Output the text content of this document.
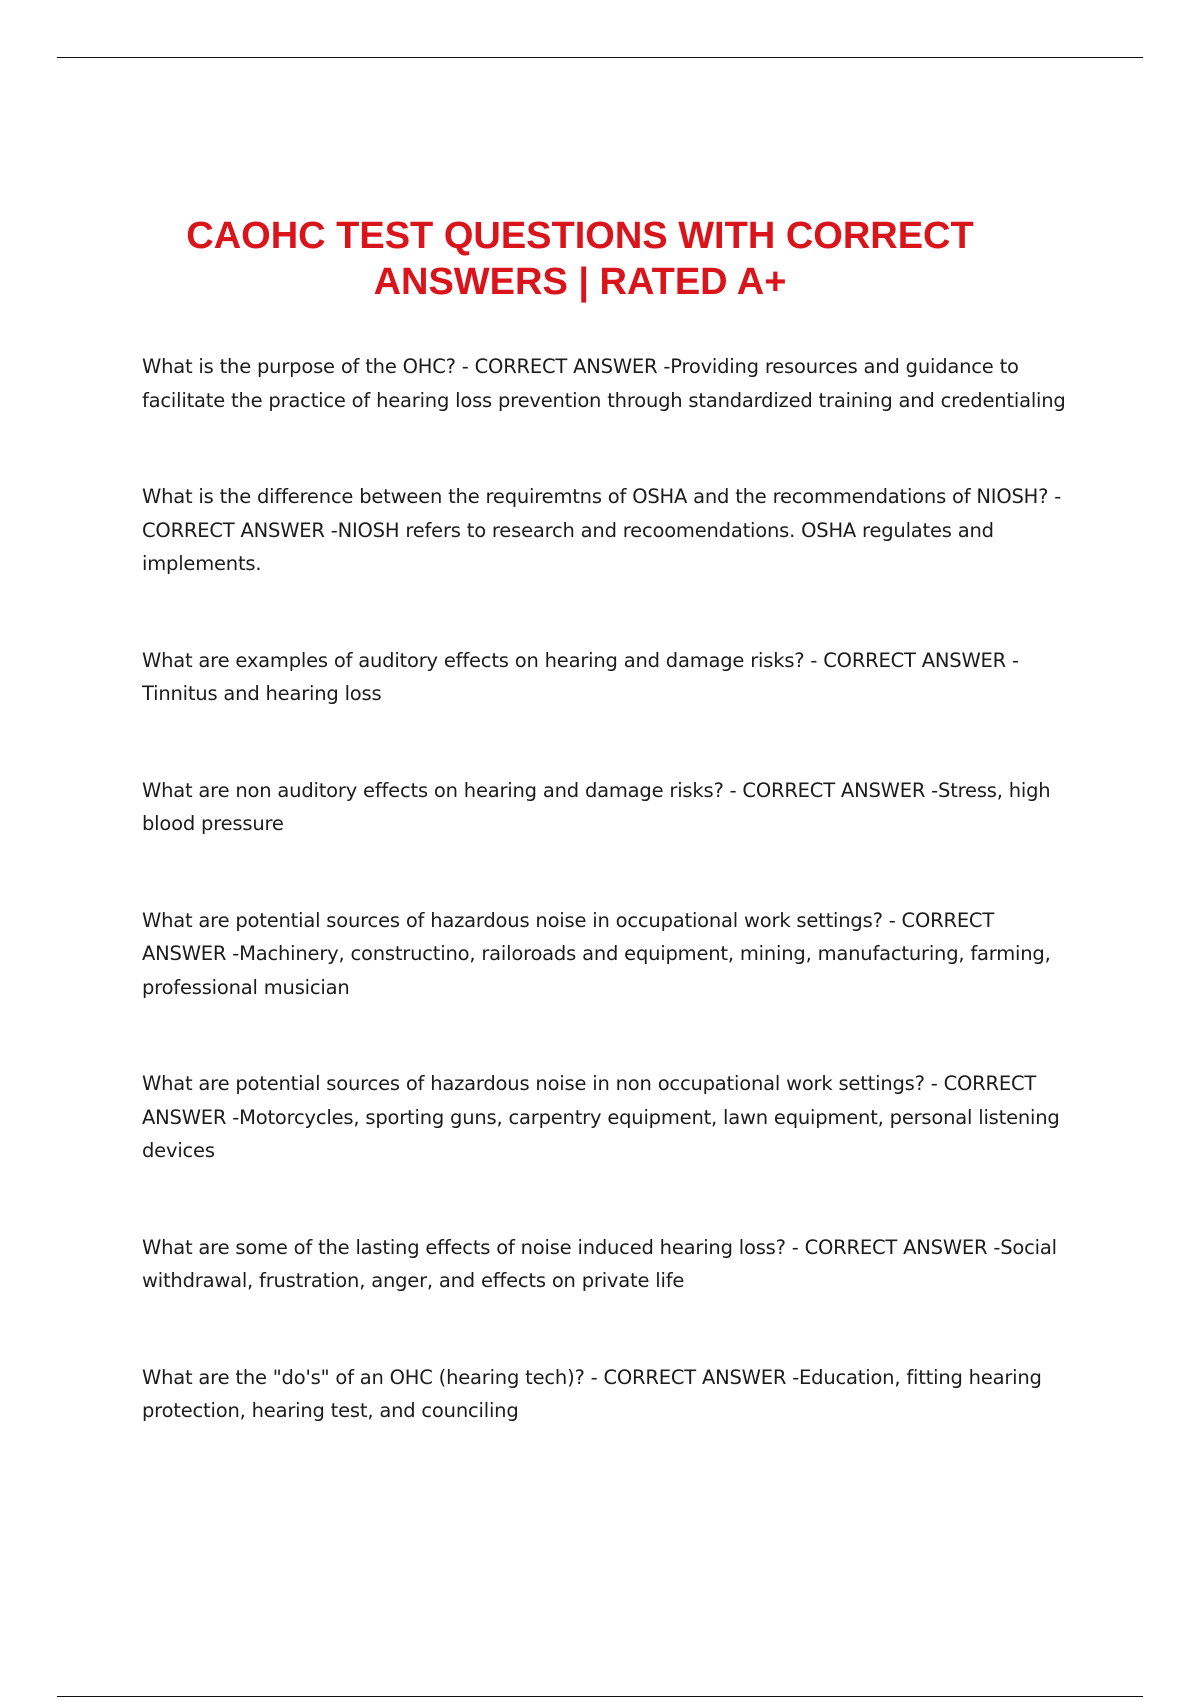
CAOHC TEST QUESTIONS WITH CORRECT
ANSWERS | RATED A+

What is the purpose of the OHC? - CORRECT ANSWER -Providing resources and guidance to facilitate the practice of hearing loss prevention through standardized training and credentialing

What is the difference between the requiremtns of OSHA and the recommendations of NIOSH? - CORRECT ANSWER -NIOSH refers to research and recoomendations. OSHA regulates and implements.

What are examples of auditory effects on hearing and damage risks? - CORRECT ANSWER - Tinnitus and hearing loss

What are non auditory effects on hearing and damage risks? - CORRECT ANSWER -Stress, high blood pressure

What are potential sources of hazardous noise in occupational work settings? - CORRECT ANSWER -Machinery, constructino, railoroads and equipment, mining, manufacturing, farming, professional musician

What are potential sources of hazardous noise in non occupational work settings? - CORRECT ANSWER -Motorcycles, sporting guns, carpentry equipment, lawn equipment, personal listening devices

What are some of the lasting effects of noise induced hearing loss? - CORRECT ANSWER -Social withdrawal, frustration, anger, and effects on private life

What are the "do's" of an OHC (hearing tech)? - CORRECT ANSWER -Education, fitting hearing protection, hearing test, and counciling
